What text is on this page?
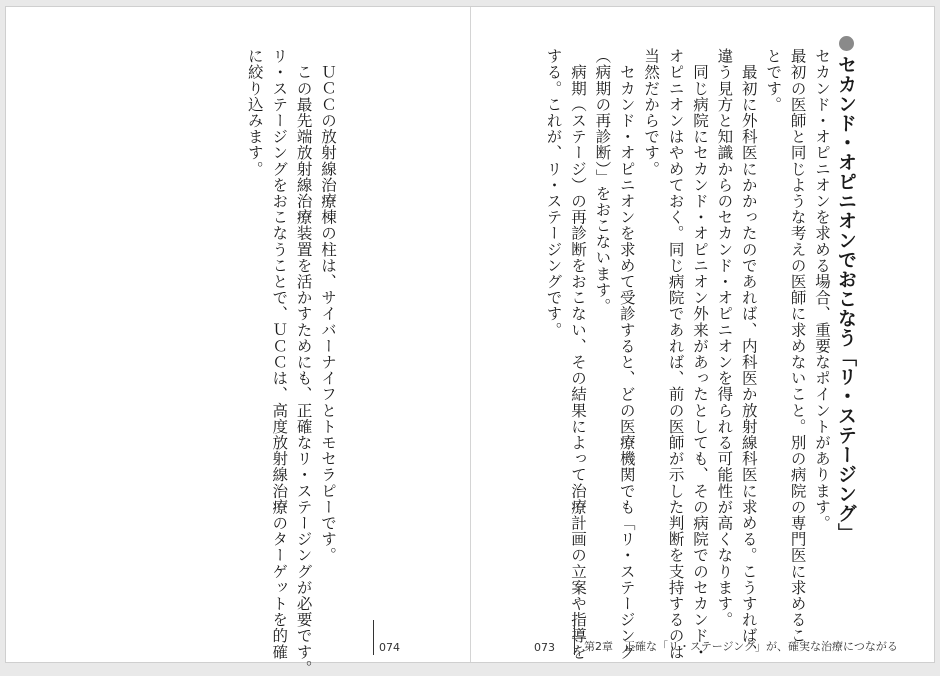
セカンド・オピニオンでおこなう「リ・ステージング」
セカンド・オピニオンを求める場合、重要なポイントがあります。
最初の医師と同じような考えの医師に求めないこと。別の病院の専門医に求めるこ
とです。
　最初に外科医にかかったのであれば、内科医か放射線科医に求める。こうすれば、
違う見方と知識からのセカンド・オピニオンを得られる可能性が高くなります。
　同じ病院にセカンド・オピニオン外来があったとしても、その病院でのセカンド・
オピニオンはやめておく。同じ病院であれば、前の医師が示した判断を支持するのは
当然だからです。
　セカンド・オピニオンを求めて受診すると、どの医療機関でも「リ・ステージング
（病期の再診断）」をおこないます。
　病期（ステージ）の再診断をおこない、その結果によって治療計画の立案や指導を
する。これが、リ・ステージングです。
　ＵＣＣの放射線治療棟の柱は、サイバーナイフとトモセラピーです。
　この最先端放射線治療装置を活かすためにも、正確なリ・ステージングが必要です。
リ・ステージングをおこなうことで、ＵＣＣは、高度放射線治療のターゲットを的確
に絞り込みます。
074	073	第2章　正確な「リ・ステージング」が、確実な治療につながる
